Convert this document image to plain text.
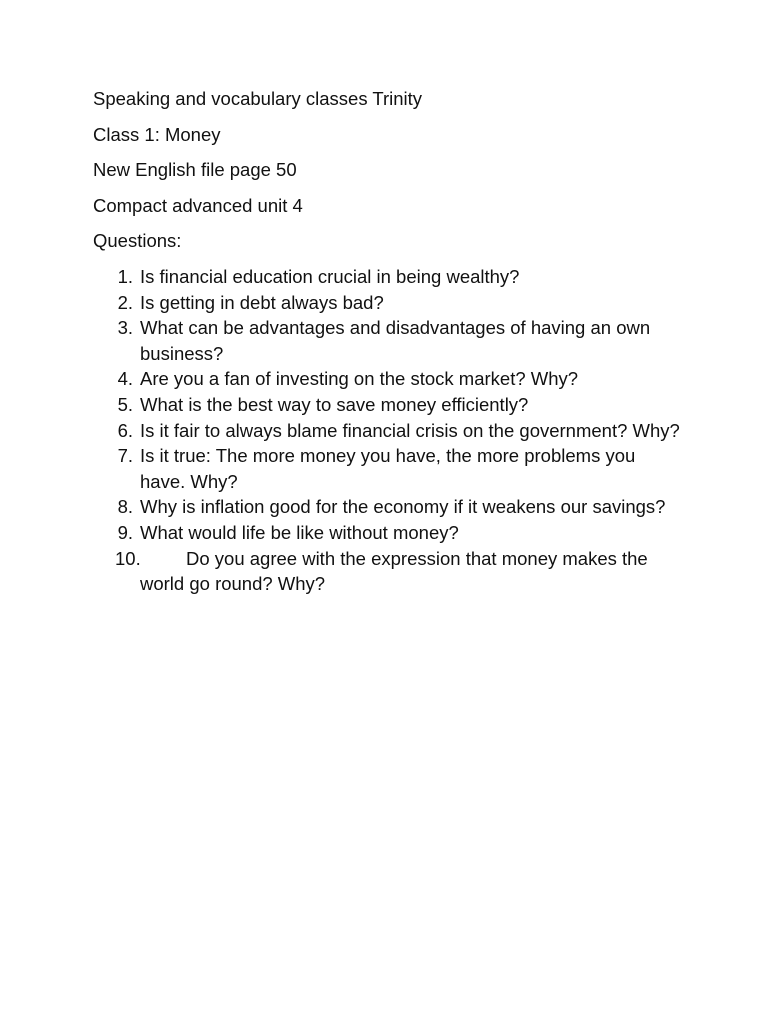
Speaking and vocabulary classes Trinity

Class 1: Money

New English file page 50

Compact advanced unit 4

Questions:

1. Is financial education crucial in being wealthy?
2. Is getting in debt always bad?
3. What can be advantages and disadvantages of having an own business?
4. Are you a fan of investing on the stock market? Why?
5. What is the best way to save money efficiently?
6. Is it fair to always blame financial crisis on the government? Why?
7. Is it true: The more money you have, the more problems you have. Why?
8. Why is inflation good for the economy if it weakens our savings?
9. What would life be like without money?
10.	Do you agree with the expression that money makes the world go round? Why?
